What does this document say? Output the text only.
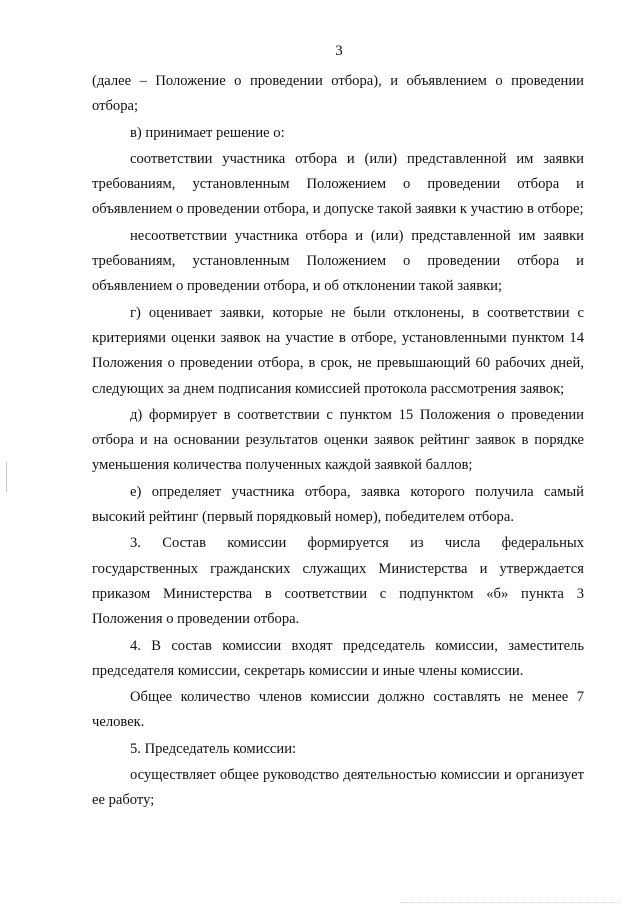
3

(далее – Положение о проведении отбора), и объявлением о проведении отбора;

в) принимает решение о:

соответствии участника отбора и (или) представленной им заявки требованиям, установленным Положением о проведении отбора и объявлением о проведении отбора, и допуске такой заявки к участию в отборе;

несоответствии участника отбора и (или) представленной им заявки требованиям, установленным Положением о проведении отбора и объявлением о проведении отбора, и об отклонении такой заявки;

г) оценивает заявки, которые не были отклонены, в соответствии с критериями оценки заявок на участие в отборе, установленными пунктом 14 Положения о проведении отбора, в срок, не превышающий 60 рабочих дней, следующих за днем подписания комиссией протокола рассмотрения заявок;

д) формирует в соответствии с пунктом 15 Положения о проведении отбора и на основании результатов оценки заявок рейтинг заявок в порядке уменьшения количества полученных каждой заявкой баллов;

е) определяет участника отбора, заявка которого получила самый высокий рейтинг (первый порядковый номер), победителем отбора.

3. Состав комиссии формируется из числа федеральных государственных гражданских служащих Министерства и утверждается приказом Министерства в соответствии с подпунктом «б» пункта 3 Положения о проведении отбора.

4. В состав комиссии входят председатель комиссии, заместитель председателя комиссии, секретарь комиссии и иные члены комиссии.

Общее количество членов комиссии должно составлять не менее 7 человек.

5. Председатель комиссии:

осуществляет общее руководство деятельностью комиссии и организует ее работу;
